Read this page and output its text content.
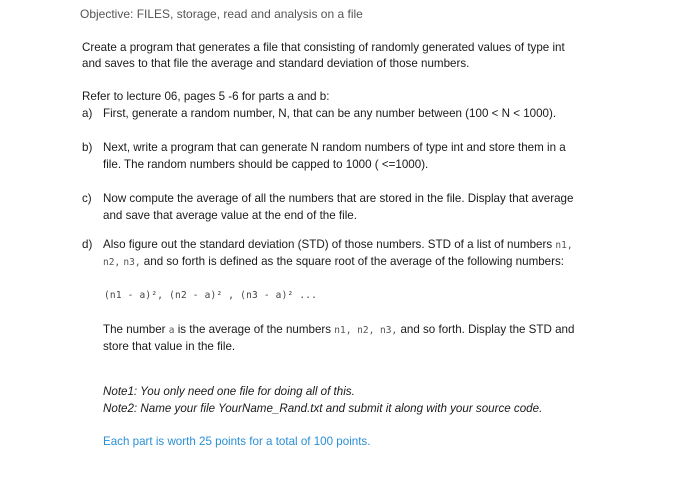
Objective: FILES, storage, read and analysis on a file
Create a program that generates a file that consisting of randomly generated values of type int
and saves to that file the average and standard deviation of those numbers.
Refer to lecture 06, pages 5 -6 for parts a and b:
a) First, generate a random number, N, that can be any number between (100 < N < 1000).
b) Next, write a program that can generate N random numbers of type int and store them in a
file. The random numbers should be capped to 1000 ( <=1000).
c) Now compute the average of all the numbers that are stored in the file. Display that average
and save that average value at the end of the file.
d) Also figure out the standard deviation (STD) of those numbers. STD of a list of numbers n1,
n2, n3, and so forth is defined as the square root of the average of the following numbers:
(n1 - a)², (n2 - a)² , (n3 - a)² ...
The number a is the average of the numbers n1, n2, n3, and so forth. Display the STD and
store that value in the file.
Note1: You only need one file for doing all of this.
Note2: Name your file YourName_Rand.txt and submit it along with your source code.
Each part is worth 25 points for a total of 100 points.
